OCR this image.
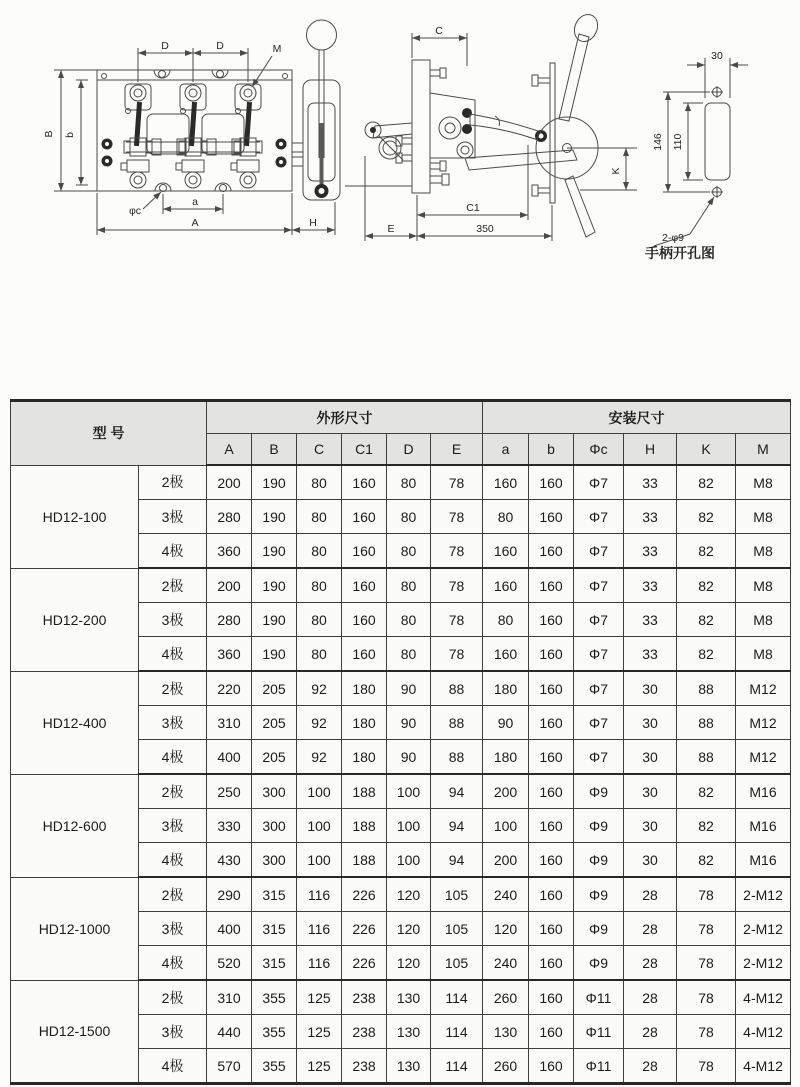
B b
D	D	M
φc
a
A	H
C
C1
E	350
K
30
146 110
2-φ9
手柄开孔图
型 号		外形尺寸						安装尺寸					
		A	B	C	C1	D	E	a	b	Φc	H	K	M
HD12-100	2极	200	190	80	160	80	78	160	160	Φ7	33	82	M8
	3极	280	190	80	160	80	78	80	160	Φ7	33	82	M8
	4极	360	190	80	160	80	78	160	160	Φ7	33	82	M8
HD12-200	2极	200	190	80	160	80	78	160	160	Φ7	33	82	M8
	3极	280	190	80	160	80	78	80	160	Φ7	33	82	M8
	4极	360	190	80	160	80	78	160	160	Φ7	33	82	M8
HD12-400	2极	220	205	92	180	90	88	180	160	Φ7	30	88	M12
	3极	310	205	92	180	90	88	90	160	Φ7	30	88	M12
	4极	400	205	92	180	90	88	180	160	Φ7	30	88	M12
HD12-600	2极	250	300	100	188	100	94	200	160	Φ9	30	82	M16
	3极	330	300	100	188	100	94	100	160	Φ9	30	82	M16
	4极	430	300	100	188	100	94	200	160	Φ9	30	82	M16
HD12-1000	2极	290	315	116	226	120	105	240	160	Φ9	28	78	2-M12
	3极	400	315	116	226	120	105	120	160	Φ9	28	78	2-M12
	4极	520	315	116	226	120	105	240	160	Φ9	28	78	2-M12
HD12-1500	2极	310	355	125	238	130	114	260	160	Φ11	28	78	4-M12
	3极	440	355	125	238	130	114	130	160	Φ11	28	78	4-M12
	4极	570	355	125	238	130	114	260	160	Φ11	28	78	4-M12
